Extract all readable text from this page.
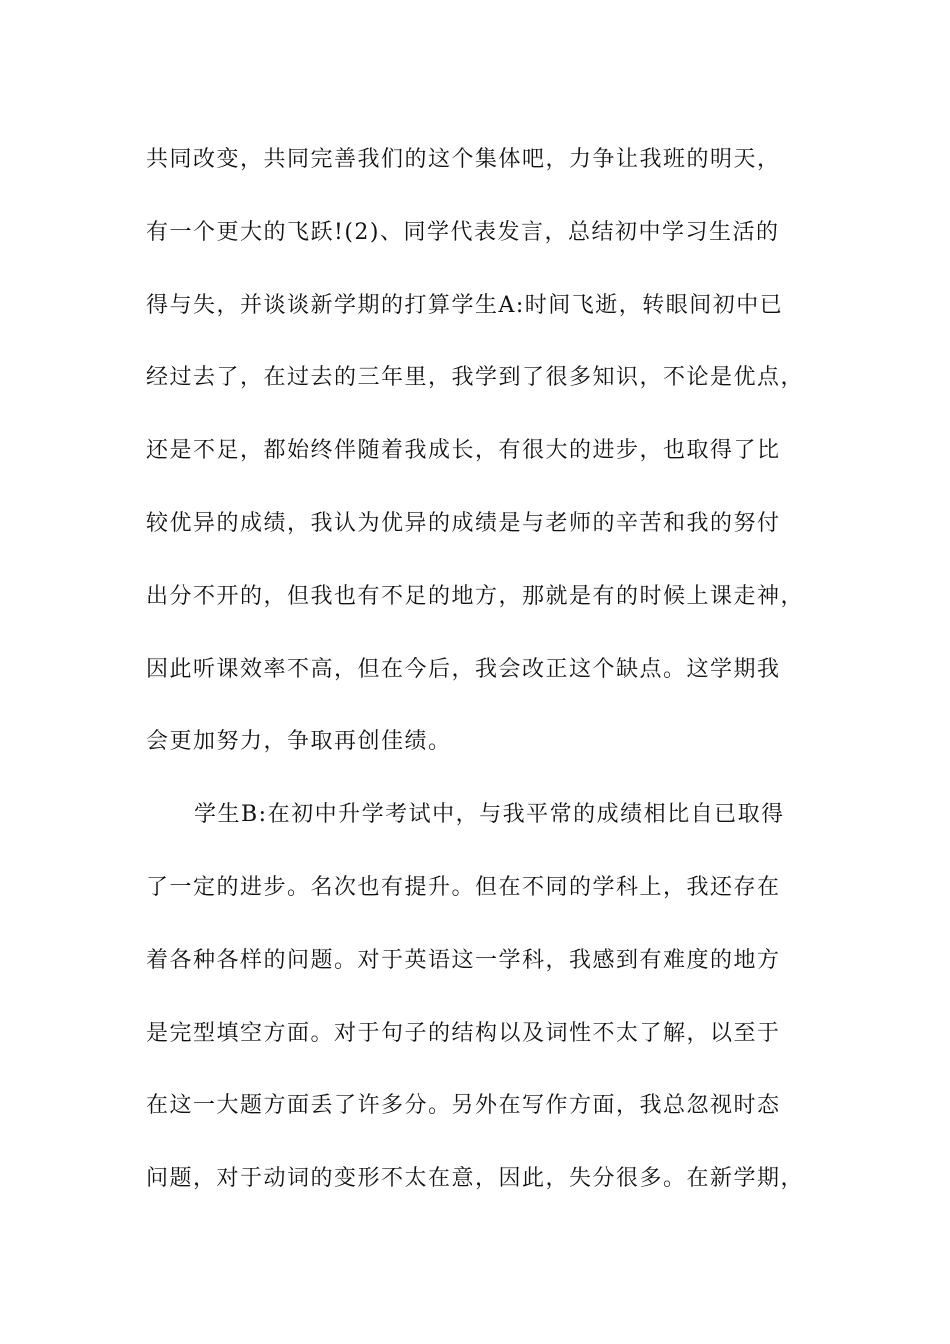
共同改变，共同完善我们的这个集体吧，力争让我班的明天，
有一个更大的飞跃!(2)、同学代表发言，总结初中学习生活的
得与失，并谈谈新学期的打算学生A:时间飞逝，转眼间初中已
经过去了，在过去的三年里，我学到了很多知识，不论是优点，
还是不足，都始终伴随着我成长，有很大的进步，也取得了比
较优异的成绩，我认为优异的成绩是与老师的辛苦和我的努付
出分不开的，但我也有不足的地方，那就是有的时候上课走神，
因此听课效率不高，但在今后，我会改正这个缺点。这学期我
会更加努力，争取再创佳绩。
学生B:在初中升学考试中，与我平常的成绩相比自已取得
了一定的进步。名次也有提升。但在不同的学科上，我还存在
着各种各样的问题。对于英语这一学科，我感到有难度的地方
是完型填空方面。对于句子的结构以及词性不太了解，以至于
在这一大题方面丢了许多分。另外在写作方面，我总忽视时态
问题，对于动词的变形不太在意，因此，失分很多。在新学期，
